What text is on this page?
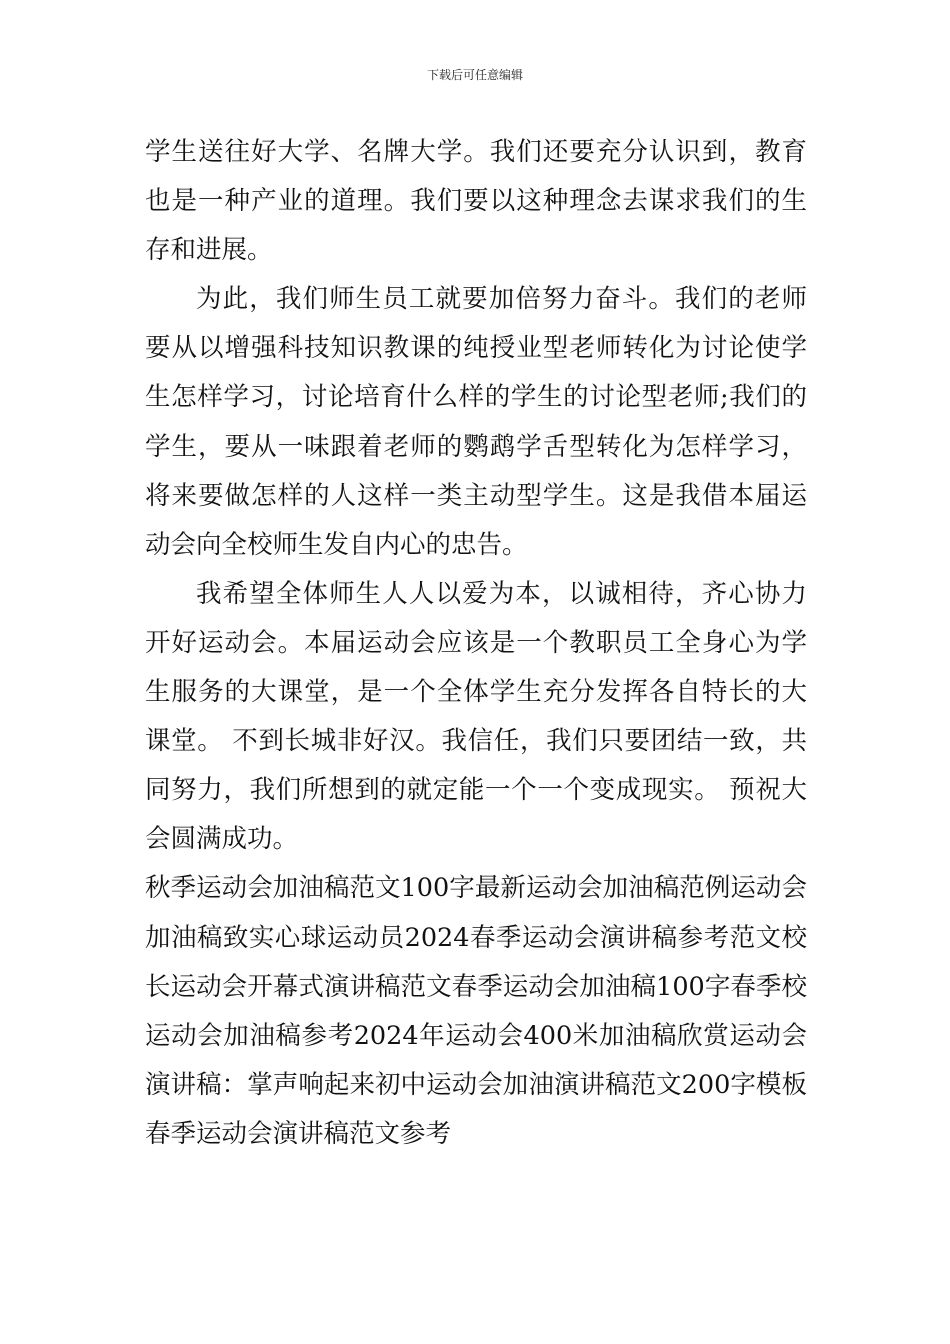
下载后可任意编辑

学生送往好大学、名牌大学。我们还要充分认识到，教育也是一种产业的道理。我们要以这种理念去谋求我们的生存和进展。

为此，我们师生员工就要加倍努力奋斗。我们的老师要从以增强科技知识教课的纯授业型老师转化为讨论使学生怎样学习，讨论培育什么样的学生的讨论型老师;我们的学生，要从一味跟着老师的鹦鹉学舌型转化为怎样学习，将来要做怎样的人这样一类主动型学生。这是我借本届运动会向全校师生发自内心的忠告。

我希望全体师生人人以爱为本，以诚相待，齐心协力开好运动会。本届运动会应该是一个教职员工全身心为学生服务的大课堂，是一个全体学生充分发挥各自特长的大课堂。 不到长城非好汉。我信任，我们只要团结一致，共同努力，我们所想到的就定能一个一个变成现实。 预祝大会圆满成功。

秋季运动会加油稿范文100字最新运动会加油稿范例运动会加油稿致实心球运动员2024春季运动会演讲稿参考范文校长运动会开幕式演讲稿范文春季运动会加油稿100字春季校运动会加油稿参考2024年运动会400米加油稿欣赏运动会演讲稿：掌声响起来初中运动会加油演讲稿范文200字模板春季运动会演讲稿范文参考
